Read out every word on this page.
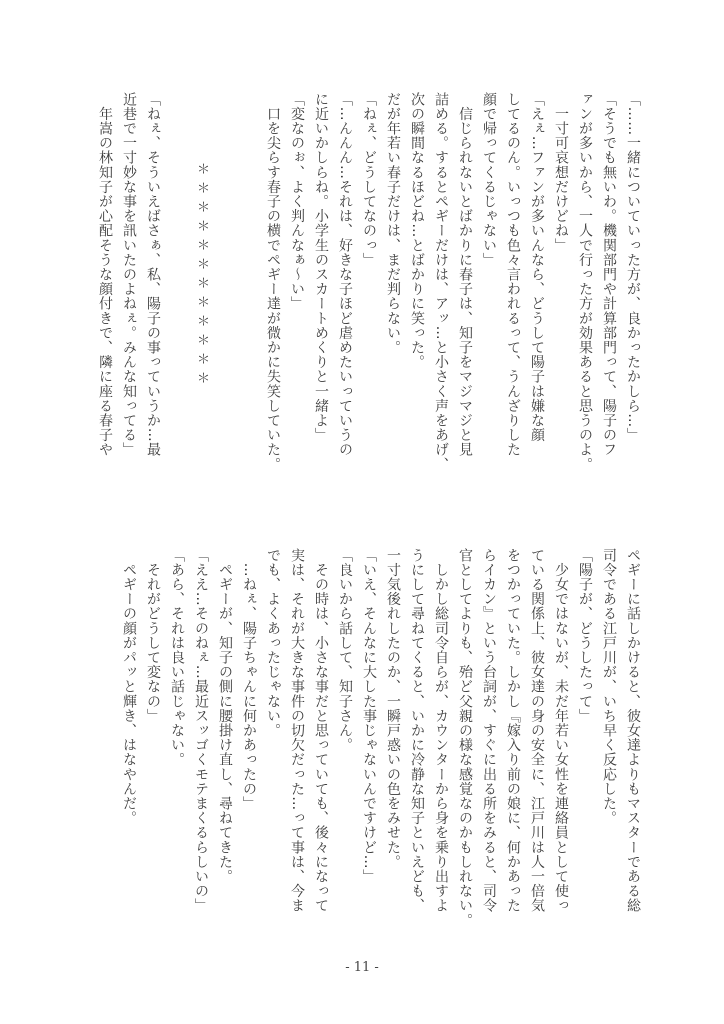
「……一緒についていった方が、良かったかしら…」
「そうでも無いわ。機関部門や計算部門って、陽子のフ
ァンが多いから、一人で行った方が効果あると思うのよ。
　一寸可哀想だけどね」
「えぇ…ファンが多いんなら、どうして陽子は嫌な顔
してるのん。いっつも色々言われるって、うんざりした
顔で帰ってくるじゃない」
　信じられないとばかりに春子は、知子をマジマジと見
詰める。するとペギーだけは、アッ…と小さく声をあげ、
次の瞬間なるほどね…とばかりに笑った。
だが年若い春子だけは、まだ判らない。
「ねぇ、どうしてなのっ」
「…んんん…それは、好きな子ほど虐めたいっていうの
に近いかしらね。小学生のスカートめくりと一緒よ」
「変なのぉ、よく判んなぁ～い」
　口を尖らす春子の横でペギー達が微かに失笑していた。
＊＊＊＊＊＊＊＊＊＊＊＊
「ねぇ、そういえばさぁ、私、陽子の事っていうか…最
近巷で一寸妙な事を訊いたのよねぇ。みんな知ってる」
　年嵩の林知子が心配そうな顔付きで、隣に座る春子や
ペギーに話しかけると、彼女達よりもマスターである総
司令である江戸川が、いち早く反応した。
「陽子が、どうしたって」
　少女ではないが、未だ年若い女性を連絡員として使っ
ている関係上、彼女達の身の安全に、江戸川は人一倍気
をつかっていた。しかし『嫁入り前の娘に、何かあった
らイカン』という台詞が、すぐに出る所をみると、司令
官としてよりも、殆ど父親の様な感覚なのかもしれない。
　しかし総司令自らが、カウンターから身を乗り出すよ
うにして尋ねてくると、いかに冷静な知子といえども、
一寸気後れしたのか、一瞬戸惑いの色をみせた。
「いえ、そんなに大した事じゃないんですけど…」
「良いから話して、知子さん。
　その時は、小さな事だと思っていても、後々になって
実は、それが大きな事件の切欠だった…って事は、今ま
でも、よくあったじゃない。
　…ねぇ、陽子ちゃんに何かあったの」
　ペギーが、知子の側に腰掛け直し、尋ねてきた。
「ええ…そのねぇ…最近スッゴくモテまくるらしいの」
「あら、それは良い話じゃない。
　それがどうして変なの」
　ペギーの顔がパッと輝き、はなやんだ。
- 11 -
